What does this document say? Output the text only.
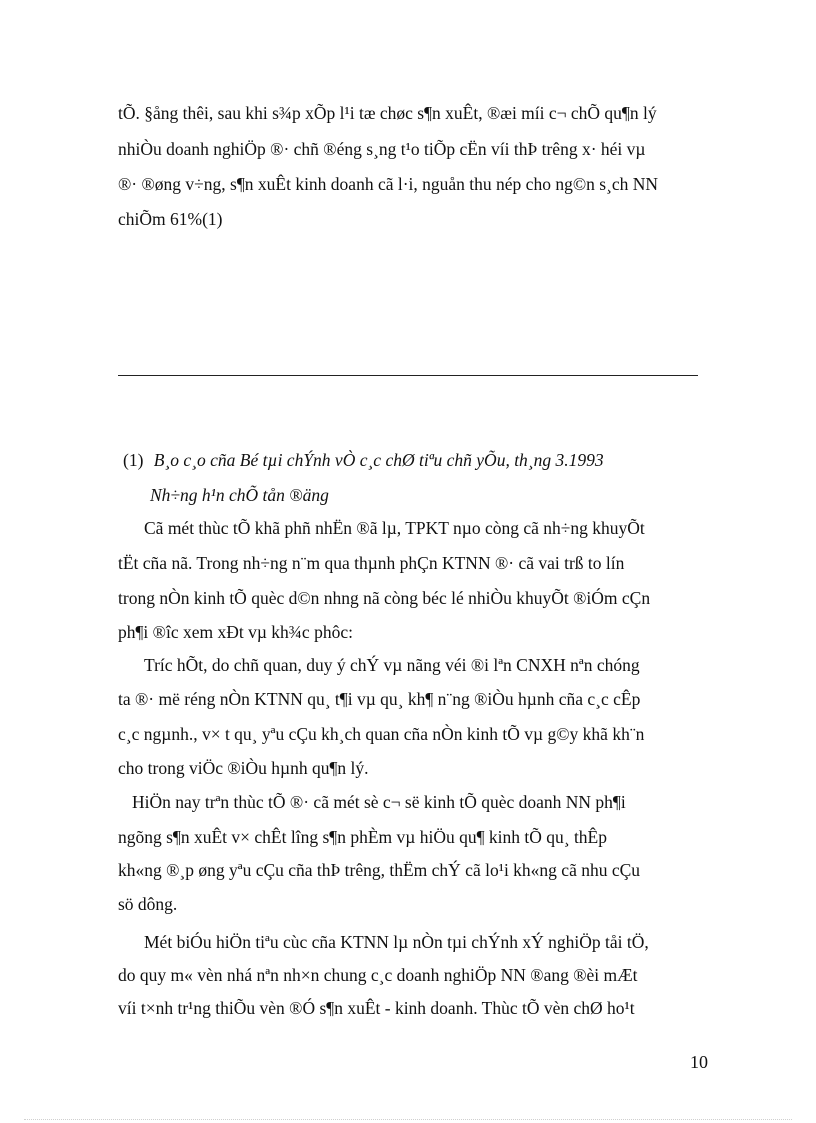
tÕ. §ång thêi, sau khi s¾p xÕp l¹i tæ chøc s¶n xuÊt, ®æi míi c¬ chÕ qu¶n lý
nhiÒu doanh nghiÖp ®· chñ ®éng s¸ng t¹o tiÕp cËn víi thÞ trêng x· héi vµ
®· ®øng v÷ng, s¶n xuÊt kinh doanh cã l·i, nguån thu nép cho ng©n s¸ch NN
chiÕm 61%(1)
(1) B¸o c¸o cña Bé tµi chÝnh vÒ c¸c chØ tiªu chñ yÕu, th¸ng 3.1993
Nh÷ng h¹n chÕ tån ®äng
Cã mét thùc tÕ khã phñ nhËn ®ã lµ, TPKT nµo còng cã nh÷ng khuyÕt
tËt cña nã. Trong nh÷ng n¨m qua thµnh phÇn KTNN ®· cã vai trß to lín
trong nÒn kinh tÕ quèc d©n nhng nã còng béc lé nhiÒu khuyÕt ®iÓm cÇn
ph¶i ®îc xem xÐt vµ kh¾c phôc:
Tríc hÕt, do chñ quan, duy ý chÝ vµ nãng véi ®i lªn CNXH nªn chóng
ta ®· më réng nÒn KTNN qu¸ t¶i vµ qu¸ kh¶ n¨ng ®iÒu hµnh cña c¸c cÊp
c¸c ngµnh., v× t qu¸ yªu cÇu kh¸ch quan cña nÒn kinh tÕ vµ g©y khã kh¨n
cho trong viÖc ®iÒu hµnh qu¶n lý.
HiÖn nay trªn thùc tÕ ®· cã mét sè c¬ së kinh tÕ quèc doanh NN ph¶i
ngõng s¶n xuÊt v× chÊt lîng s¶n phÈm vµ hiÖu qu¶ kinh tÕ qu¸ thÊp
kh«ng ®¸p øng yªu cÇu cña thÞ trêng, thËm chÝ cã lo¹i kh«ng cã nhu cÇu
sö dông.
Mét biÓu hiÖn tiªu cùc cña KTNN lµ nÒn tµi chÝnh xÝ nghiÖp tåi tÖ,
do quy m« vèn nhá nªn nh×n chung c¸c doanh nghiÖp NN ®ang ®èi mÆt
víi t×nh tr¹ng thiÕu vèn ®Ó s¶n xuÊt - kinh doanh. Thùc tÕ vèn chØ ho¹t
10
